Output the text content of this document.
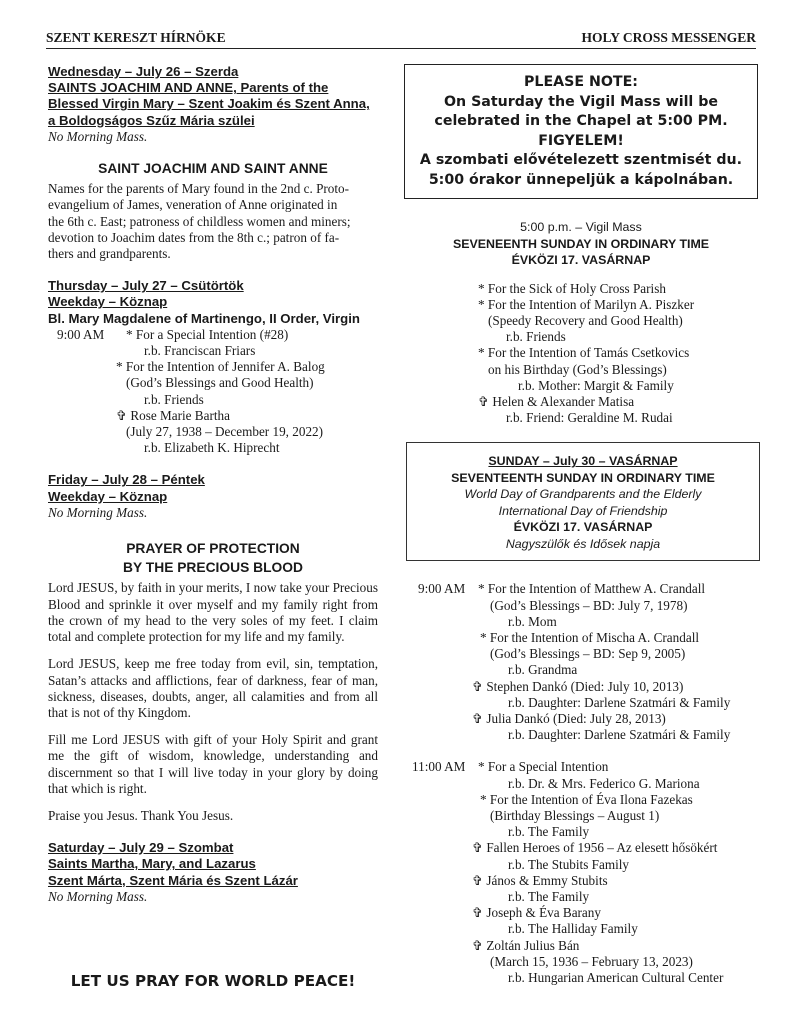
SZENT KERESZT HÍRNÖKE	HOLY CROSS MESSENGER
Wednesday – July 26 – Szerda
SAINTS JOACHIM AND ANNE, Parents of the
Blessed Virgin Mary – Szent Joakim és Szent Anna,
a Boldogságos Szűz Mária szülei
No Morning Mass.
SAINT JOACHIM AND SAINT ANNE
Names for the parents of Mary found in the 2nd c. Proto-
evangelium of James, veneration of Anne originated in
the 6th c. East; patroness of childless women and miners;
devotion to Joachim dates from the 8th c.; patron of fa-
thers and grandparents.
Thursday – July 27 – Csütörtök
Weekday – Köznap
Bl. Mary Magdalene of Martinengo, II Order, Virgin
9:00 AM	* For a Special Intention (#28)
r.b. Franciscan Friars
* For the Intention of Jennifer A. Balog
(God’s Blessings and Good Health)
r.b. Friends
✞ Rose Marie Bartha
(July 27, 1938 – December 19, 2022)
r.b. Elizabeth K. Hiprecht
Friday – July 28 – Péntek
Weekday – Köznap
No Morning Mass.
PRAYER OF PROTECTION
BY THE PRECIOUS BLOOD

Lord JESUS, by faith in your merits, I now take your Precious Blood and sprinkle it over myself and my family right from the crown of my head to the very soles of my feet. I claim total and complete protection for my life and my family.

Lord JESUS, keep me free today from evil, sin, temptation, Satan’s attacks and afflictions, fear of darkness, fear of man, sickness, diseases, doubts, anger, all calamities and from all that is not of thy Kingdom.

Fill me Lord JESUS with gift of your Holy Spirit and grant me the gift of wisdom, knowledge, understanding and discernment so that I will live today in your glory by doing that which is right.

Praise you Jesus. Thank You Jesus.

Saturday – July 29 – Szombat
Saints Martha, Mary, and Lazarus
Szent Márta, Szent Mária és Szent Lázár
No Morning Mass.
LET US PRAY FOR WORLD PEACE!
PLEASE NOTE:
On Saturday the Vigil Mass will be
celebrated in the Chapel at 5:00 PM.
FIGYELEM!
A szombati elővételezett szentmisét du.
5:00 órakor ünnepeljük a kápolnában.
5:00 p.m. – Vigil Mass
SEVENEENTH SUNDAY IN ORDINARY TIME
ÉVKÖZI 17. VASÁRNAP
* For the Sick of Holy Cross Parish
* For the Intention of Marilyn A. Piszker
(Speedy Recovery and Good Health)
r.b. Friends
* For the Intention of Tamás Csetkovics
on his Birthday (God’s Blessings)
r.b. Mother: Margit & Family
✞ Helen & Alexander Matisa
r.b. Friend: Geraldine M. Rudai
SUNDAY – July 30 – VASÁRNAP
SEVENTEENTH SUNDAY IN ORDINARY TIME
World Day of Grandparents and the Elderly
International Day of Friendship
ÉVKÖZI 17. VASÁRNAP
Nagyszülők és Idősek napja
9:00 AM * For the Intention of Matthew A. Crandall
(God’s Blessings – BD: July 7, 1978)
r.b. Mom
* For the Intention of Mischa A. Crandall
(God’s Blessings – BD: Sep 9, 2005)
r.b. Grandma
✞ Stephen Dankó (Died: July 10, 2013)
r.b. Daughter: Darlene Szatmári & Family
✞ Julia Dankó (Died: July 28, 2013)
r.b. Daughter: Darlene Szatmári & Family
11:00 AM * For a Special Intention
r.b. Dr. & Mrs. Federico G. Mariona
* For the Intention of Éva Ilona Fazekas
(Birthday Blessings – August 1)
r.b. The Family
✞ Fallen Heroes of 1956 – Az elesett hősökért
r.b. The Stubits Family
✞ János & Emmy Stubits
r.b. The Family
✞ Joseph & Éva Barany
r.b. The Halliday Family
✞ Zoltán Julius Bán
(March 15, 1936 – February 13, 2023)
r.b. Hungarian American Cultural Center
